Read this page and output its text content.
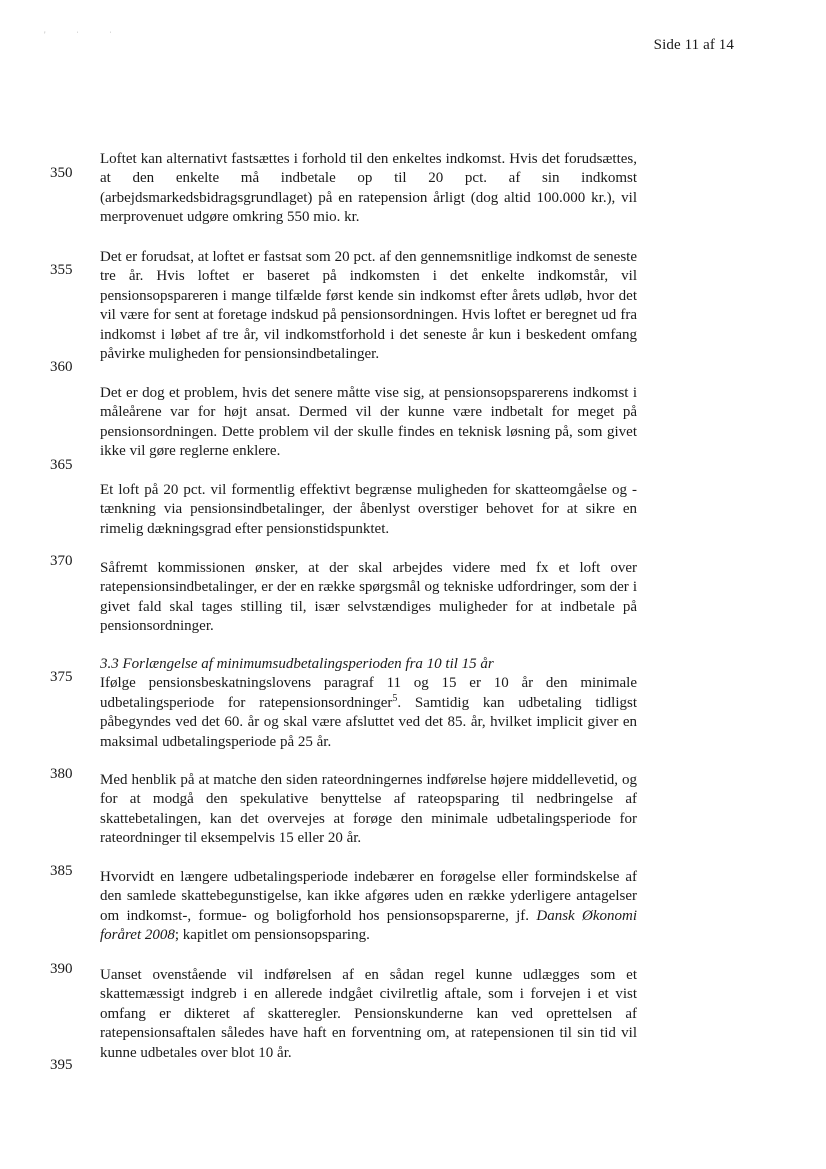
' ˈ ˈ
Side 11 af 14
350
355
360
365
370
375
380
385
390
395

Loftet kan alternativt fastsættes i forhold til den enkeltes indkomst. Hvis det forudsættes, at den enkelte må indbetale op til 20 pct. af sin indkomst (arbejdsmarkedsbidragsgrundlaget) på en ratepension årligt (dog altid 100.000 kr.), vil merprovenuet udgøre omkring 550 mio. kr.

Det er forudsat, at loftet er fastsat som 20 pct. af den gennemsnitlige indkomst de seneste tre år. Hvis loftet er baseret på indkomsten i det enkelte indkomstår, vil pensionsopspareren i mange tilfælde først kende sin indkomst efter årets udløb, hvor det vil være for sent at foretage indskud på pensionsordningen. Hvis loftet er beregnet ud fra indkomst i løbet af tre år, vil indkomstforhold i det seneste år kun i beskedent omfang påvirke muligheden for pensionsindbetalinger.

Det er dog et problem, hvis det senere måtte vise sig, at pensionsopsparerens indkomst i måleårene var for højt ansat. Dermed vil der kunne være indbetalt for meget på pensionsordningen. Dette problem vil der skulle findes en teknisk løsning på, som givet ikke vil gøre reglerne enklere.

Et loft på 20 pct. vil formentlig effektivt begrænse muligheden for skatteomgåelse og -tænkning via pensionsindbetalinger, der åbenlyst overstiger behovet for at sikre en rimelig dækningsgrad efter pensionstidspunktet.

Såfremt kommissionen ønsker, at der skal arbejdes videre med fx et loft over ratepensionsindbetalinger, er der en række spørgsmål og tekniske udfordringer, som der i givet fald skal tages stilling til, især selvstændiges muligheder for at indbetale på pensionsordninger.

3.3 Forlængelse af minimumsudbetalingsperioden fra 10 til 15 år
Ifølge pensionsbeskatningslovens paragraf 11 og 15 er 10 år den minimale udbetalingsperiode for ratepensionsordninger$^5$. Samtidig kan udbetaling tidligst påbegyndes ved det 60. år og skal være afsluttet ved det 85. år, hvilket implicit giver en maksimal udbetalingsperiode på 25 år.

Med henblik på at matche den siden rateordningernes indførelse højere middellevetid, og for at modgå den spekulative benyttelse af rateopsparing til nedbringelse af skattebetalingen, kan det overvejes at forøge den minimale udbetalingsperiode for rateordninger til eksempelvis 15 eller 20 år.

Hvorvidt en længere udbetalingsperiode indebærer en forøgelse eller formindskelse af den samlede skattebegunstigelse, kan ikke afgøres uden en række yderligere antagelser om indkomst-, formue- og boligforhold hos pensionsopsparerne, jf. Dansk Økonomi foråret 2008; kapitlet om pensionsopsparing.

Uanset ovenstående vil indførelsen af en sådan regel kunne udlægges som et skattemæssigt indgreb i en allerede indgået civilretlig aftale, som i forvejen i et vist omfang er dikteret af skatteregler. Pensionskunderne kan ved oprettelsen af ratepensionsaftalen således have haft en forventning om, at ratepensionen til sin tid vil kunne udbetales over blot 10 år.
